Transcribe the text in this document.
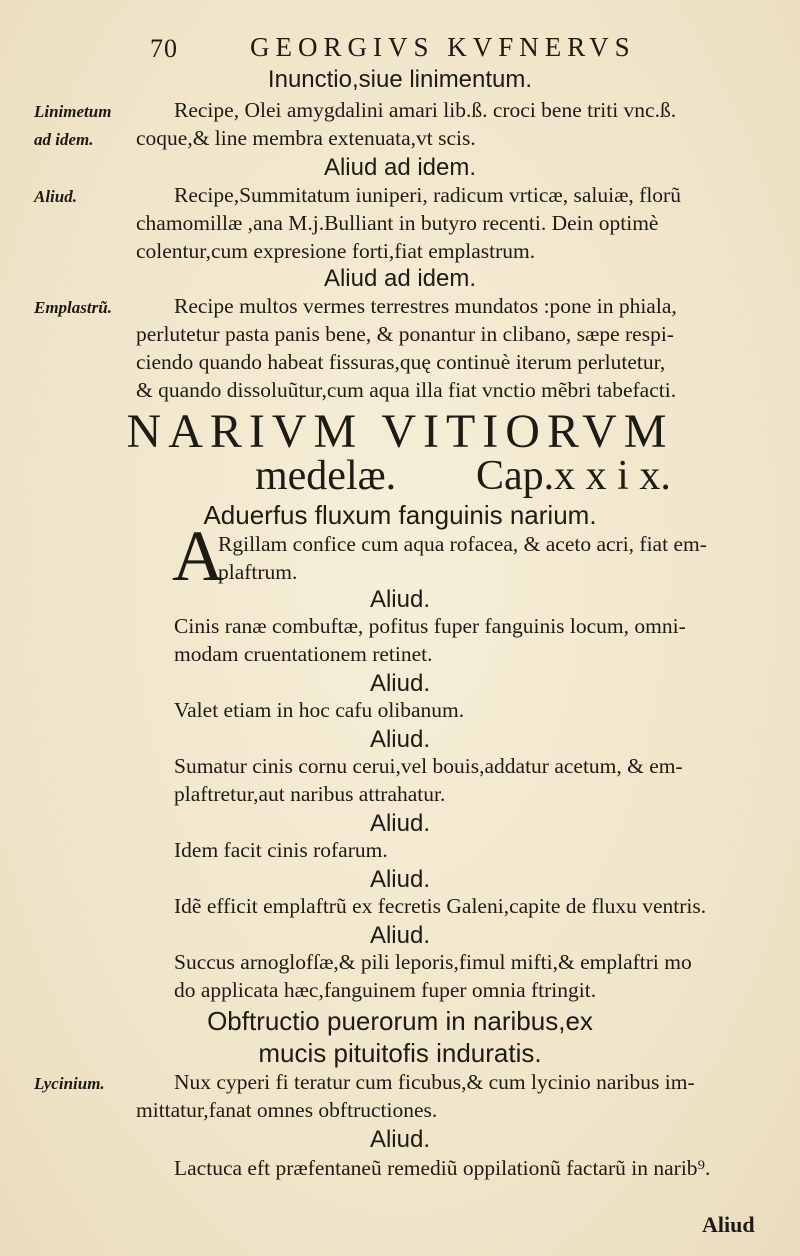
70	GEORGIVS KVFNERVS
Inunctio,siue linimentum.
Linimetum	Recipe, Olei amygdalini amari lib.ß. croci bene triti vnc.ß.
ad idem. coque,& line membra extenuata,vt scis.
Aliud ad idem.
Aliud.	Recipe,Summitatum iuniperi, radicum vrticæ, saluiæ, florũ
chamomillæ ,ana M.j.Bulliant in butyro recenti. Dein optimè
colentur,cum expresione forti,fiat emplastrum.
Aliud ad idem.
Emplastrũ.	Recipe multos vermes terrestres mundatos :pone in phiala,
perlutetur pasta panis bene, & ponantur in clibano, sæpe respi-
ciendo quando habeat fissuras,quę continuè iterum perlutetur,
& quando dissoluũtur,cum aqua illa fiat vnctio mẽbri tabefacti.
NARIVM VITIORVM
medelæ. Cap.x x i x.
Aduerfus fluxum fanguinis narium.
A
Rgillam confice cum aqua rofacea, & aceto acri, fiat em-
plaftrum.
Aliud.
Cinis ranæ combuftæ, pofitus fuper fanguinis locum, omni-
modam cruentationem retinet.
Aliud.
Valet etiam in hoc cafu olibanum.
Aliud.
Sumatur cinis cornu cerui,vel bouis,addatur acetum, & em-
plaftretur,aut naribus attrahatur.
Aliud.
Idem facit cinis rofarum.
Aliud.
Idẽ efficit emplaftrũ ex fecretis Galeni,capite de fluxu ventris.
Aliud.
Succus arnoglofſæ,& pili leporis,fimul mifti,& emplaftri mo
do applicata hæc,fanguinem fuper omnia ftringit.
Obftructio puerorum in naribus,ex
mucis pituitofis induratis.
Lycinium.	Nux cyperi fi teratur cum ficubus,& cum lycinio naribus im-
mittatur,fanat omnes obftructiones.
Aliud.
Lactuca eft præfentaneũ remediũ oppilationũ factarũ in narib⁹.
Aliud
